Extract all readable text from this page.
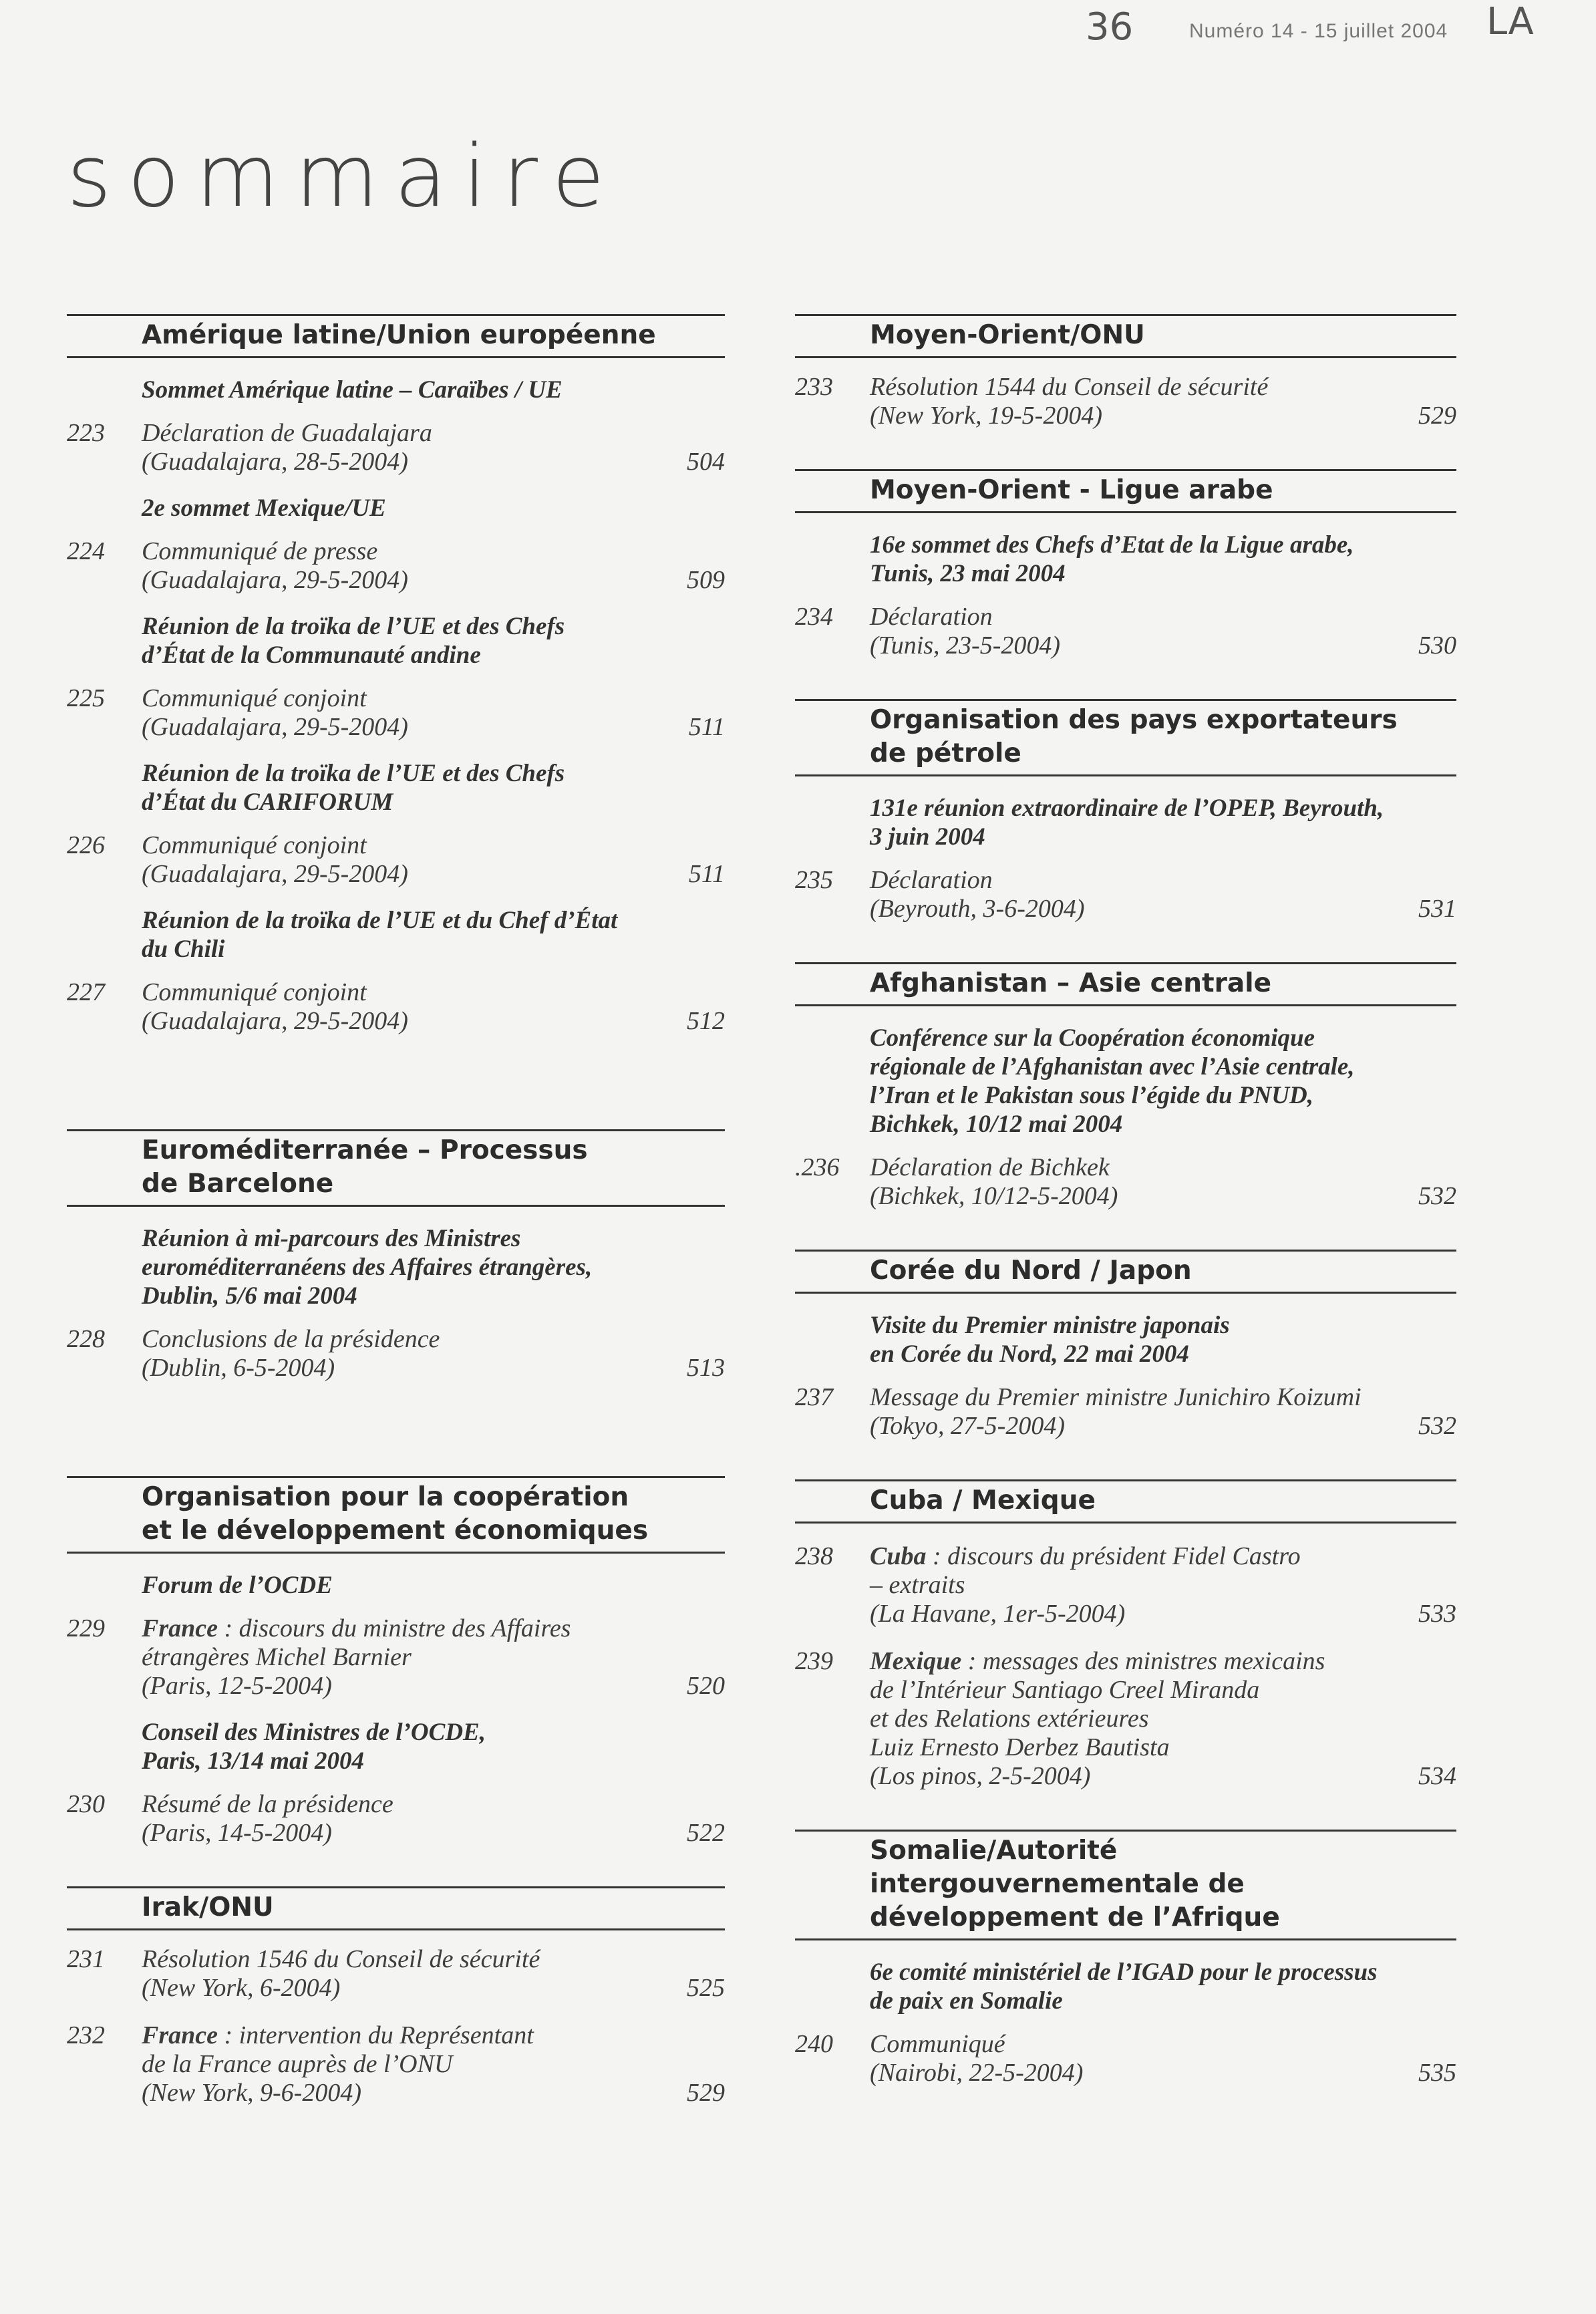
36	Numéro 14 - 15 juillet 2004 LA
sommaire
Amérique latine/Union européenne
Sommet Amérique latine – Caraïbes / UE
223	Déclaration de Guadalajara
(Guadalajara, 28-5-2004)	504
2e sommet Mexique/UE
224	Communiqué de presse
(Guadalajara, 29-5-2004)	509
Réunion de la troïka de l’UE et des Chefs
d’État de la Communauté andine
225	Communiqué conjoint
(Guadalajara, 29-5-2004)	511
Réunion de la troïka de l’UE et des Chefs
d’État du CARIFORUM
226	Communiqué conjoint
(Guadalajara, 29-5-2004)	511
Réunion de la troïka de l’UE et du Chef d’État
du Chili
227	Communiqué conjoint
(Guadalajara, 29-5-2004)	512
Euroméditerranée – Processus
de Barcelone
Réunion à mi-parcours des Ministres
euroméditerranéens des Affaires étrangères,
Dublin, 5/6 mai 2004
228	Conclusions de la présidence
(Dublin, 6-5-2004)	513
Organisation pour la coopération
et le développement économiques
Forum de l’OCDE
229	France : discours du ministre des Affaires
étrangères Michel Barnier
(Paris, 12-5-2004)	520
Conseil des Ministres de l’OCDE,
Paris, 13/14 mai 2004
230	Résumé de la présidence
(Paris, 14-5-2004)	522
Irak/ONU
231	Résolution 1546 du Conseil de sécurité
(New York, 6-2004)	525
232	France : intervention du Représentant
de la France auprès de l’ONU
(New York, 9-6-2004)	529
Moyen-Orient/ONU
233	Résolution 1544 du Conseil de sécurité
(New York, 19-5-2004)	529
Moyen-Orient - Ligue arabe
16e sommet des Chefs d’Etat de la Ligue arabe,
Tunis, 23 mai 2004
234	Déclaration
(Tunis, 23-5-2004)	530
Organisation des pays exportateurs
de pétrole
131e réunion extraordinaire de l’OPEP, Beyrouth,
3 juin 2004
235	Déclaration
(Beyrouth, 3-6-2004)	531
Afghanistan – Asie centrale
Conférence sur la Coopération économique
régionale de l’Afghanistan avec l’Asie centrale,
l’Iran et le Pakistan sous l’égide du PNUD,
Bichkek, 10/12 mai 2004
.236	Déclaration de Bichkek
(Bichkek, 10/12-5-2004)	532
Corée du Nord / Japon
Visite du Premier ministre japonais
en Corée du Nord, 22 mai 2004
237	Message du Premier ministre Junichiro Koizumi
(Tokyo, 27-5-2004)	532
Cuba / Mexique
238	Cuba : discours du président Fidel Castro
– extraits
(La Havane, 1er-5-2004)	533
239	Mexique : messages des ministres mexicains
de l’Intérieur Santiago Creel Miranda
et des Relations extérieures
Luiz Ernesto Derbez Bautista
(Los pinos, 2-5-2004)	534
Somalie/Autorité
intergouvernementale de
développement de l’Afrique
6e comité ministériel de l’IGAD pour le processus
de paix en Somalie
240	Communiqué
(Nairobi, 22-5-2004)	535
